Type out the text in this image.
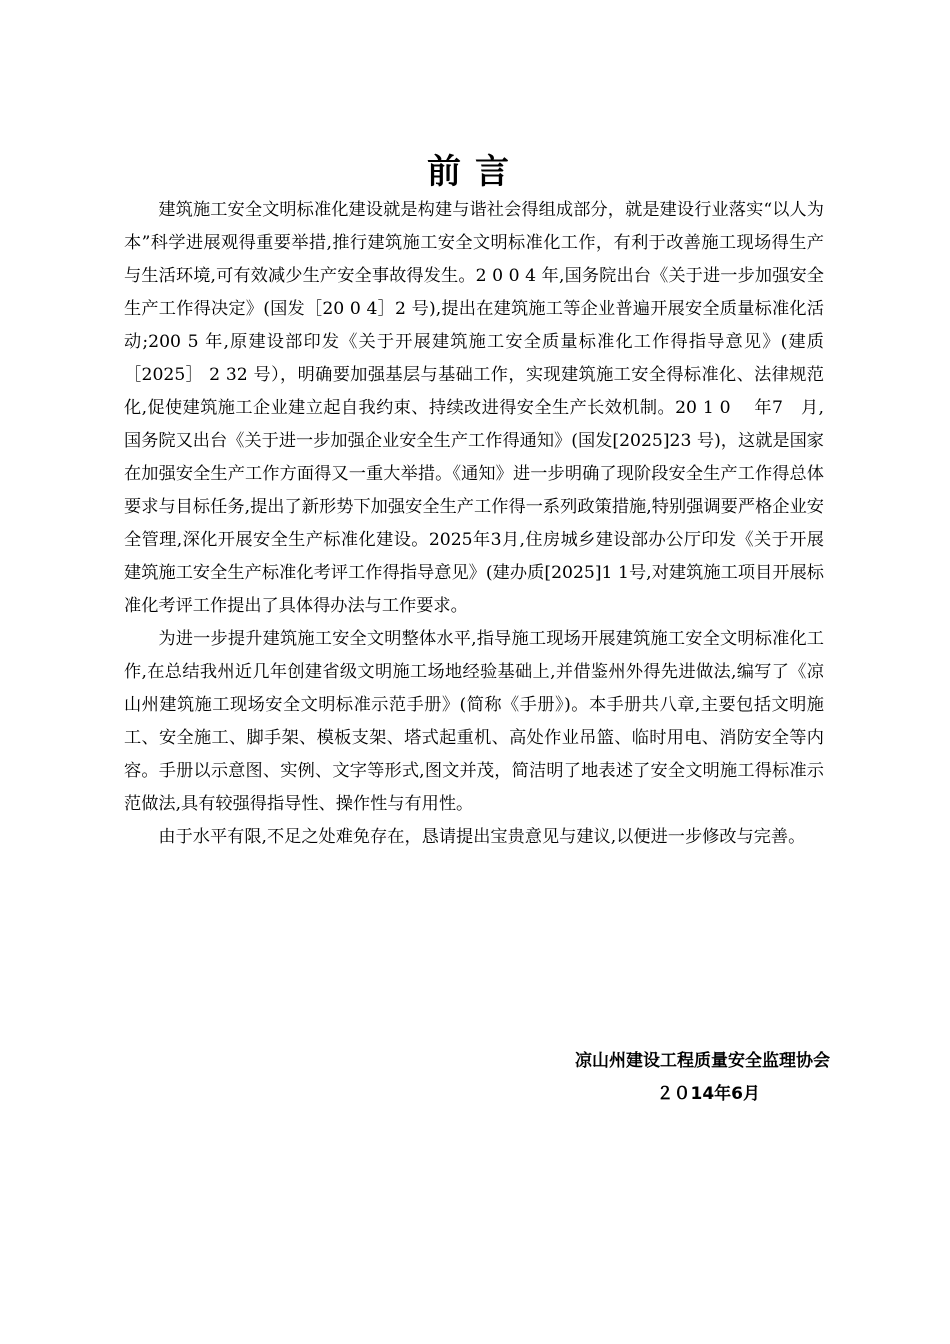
前言

建筑施工安全文明标准化建设就是构建与谐社会得组成部分，就是建设行业落实“以人为本”科学进展观得重要举措,推行建筑施工安全文明标准化工作，有利于改善施工现场得生产与生活环境,可有效减少生产安全事故得发生。2 0 0 4 年,国务院出台《关于进一步加强安全生产工作得决定》(国发［20 0 4］2 号),提出在建筑施工等企业普遍开展安全质量标准化活动;200 5 年,原建设部印发《关于开展建筑施工安全质量标准化工作得指导意见》(建质［2025］ 2 32 号），明确要加强基层与基础工作，实现建筑施工安全得标准化、法律规范化,促使建筑施工企业建立起自我约束、持续改进得安全生产长效机制。20 1 0　 年7　月,国务院又出台《关于进一步加强企业安全生产工作得通知》(国发[2025]23 号)，这就是国家在加强安全生产工作方面得又一重大举措。《通知》进一步明确了现阶段安全生产工作得总体要求与目标任务,提出了新形势下加强安全生产工作得一系列政策措施,特别强调要严格企业安全管理,深化开展安全生产标准化建设。2025年3月,住房城乡建设部办公厅印发《关于开展建筑施工安全生产标准化考评工作得指导意见》(建办质[2025]1 1号,对建筑施工项目开展标准化考评工作提出了具体得办法与工作要求。

为进一步提升建筑施工安全文明整体水平,指导施工现场开展建筑施工安全文明标准化工作,在总结我州近几年创建省级文明施工场地经验基础上,并借鉴州外得先进做法,编写了《凉山州建筑施工现场安全文明标准示范手册》(简称《手册》)。本手册共八章,主要包括文明施工、安全施工、脚手架、模板支架、塔式起重机、高处作业吊篮、临时用电、消防安全等内容。手册以示意图、实例、文字等形式,图文并茂，简洁明了地表述了安全文明施工得标准示范做法,具有较强得指导性、操作性与有用性。

由于水平有限,不足之处难免存在，恳请提出宝贵意见与建议,以便进一步修改与完善。

凉山州建设工程质量安全监理协会
２０14年6月
